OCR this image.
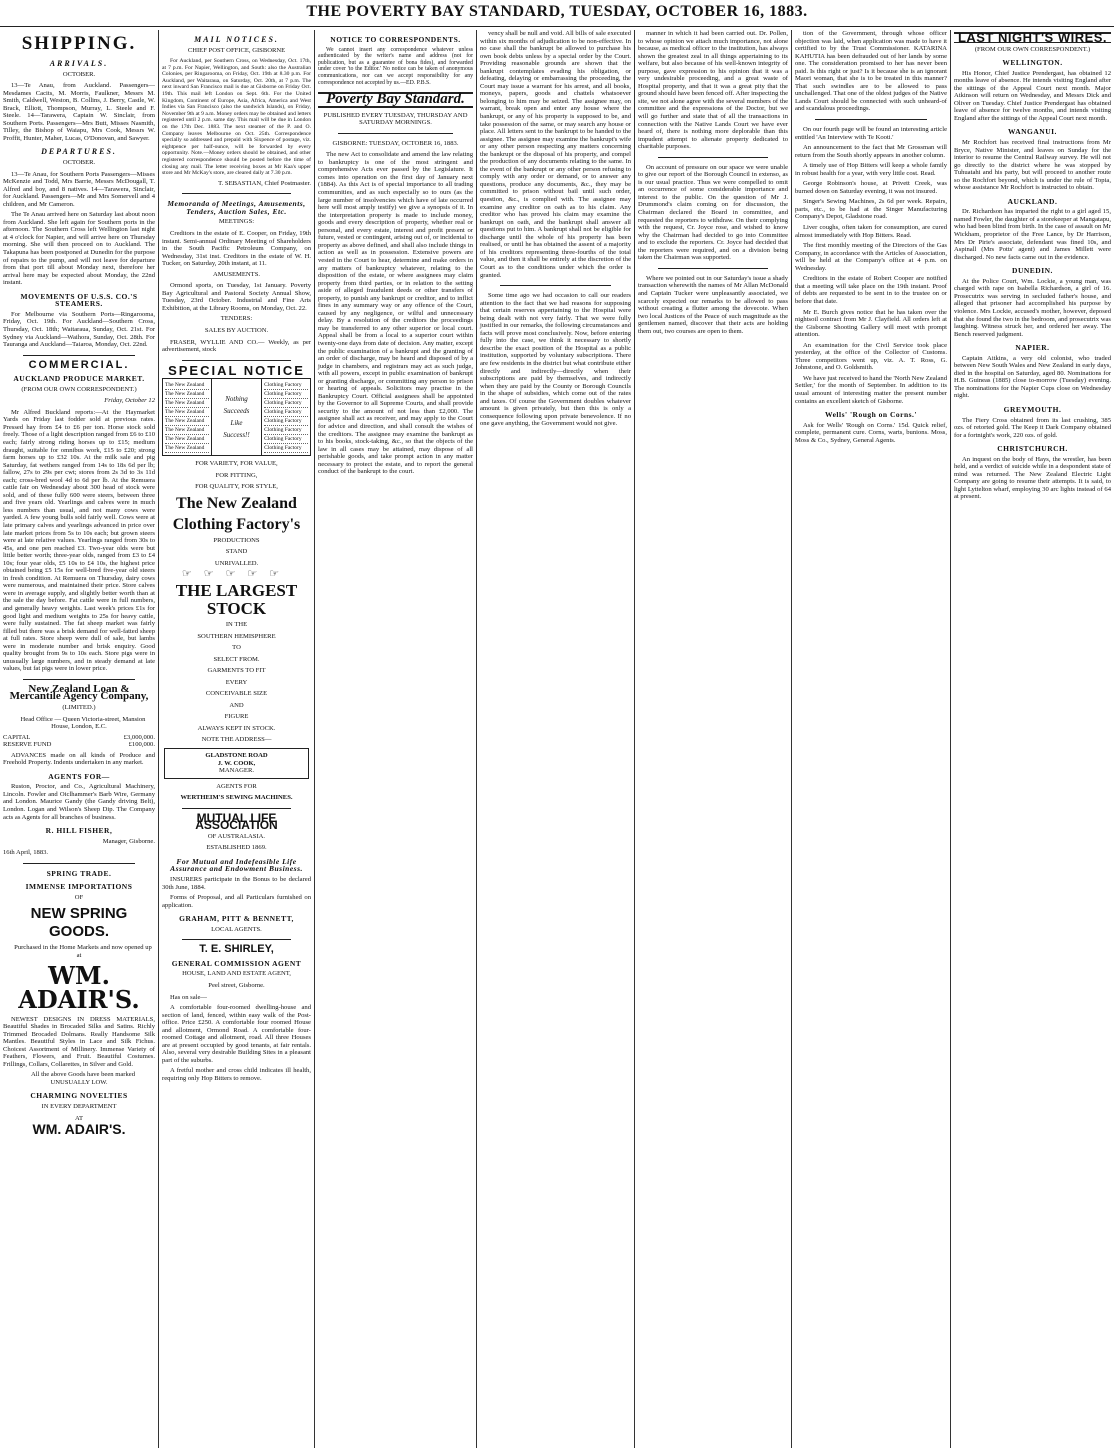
THE POVERTY BAY STANDARD, TUESDAY, OCTOBER 16, 1883.
SHIPPING.
ARRIVALS.
OCTOBER.
13—Te Anau, from Auckland. Passengers—Mesdames Cacits, M. Morris, Faulkner, Messrs M. Smith, Caldwell, Weston, B. Collins, J. Berry, Castle, W. Brack, Elliott, Thompson, Murray, L. Steele and F. Steele. 14—Tarawera, Captain W. Sinclair, from Southern Ports. Passengers—Mrs Butt, Misses Nasmith, Tilley, the Bishop of Waiapu, Mrs Cook, Messrs W. Proffit, Hunter, Maher, Lucas, O'Donovan, and Sawyer.
DEPARTURES.
OCTOBER.
13—Te Anau, for Southern Ports Passengers—Misses McKenzie and Todd, Mrs Barrie, Messrs McDougall, T. Alfred and boy, and 8 natives. 14—Tarawera, Sinclair, for Auckland. Passengers—Mr and Mrs Somervell and 4 children, and Mr Cameron.
The Te Anau arrived here on Saturday last about noon from Auckland. She left again for Southern ports in the afternoon. The Southern Cross left Wellington last night at 4 o'clock for Napier, and will arrive here on Thursday morning. She will then proceed on to Auckland. The Takapuna has been postponed at Dunedin for the purpose of repairs to the pump, and will not leave for departure from that port till about Monday next, therefore her arrival here may be expected about Monday, the 22nd instant.
MOVEMENTS OF U.S.S. CO.'S STEAMERS.
For Melbourne via Southern Ports—Ringarooma, Friday, Oct. 19th. For Auckland—Southern Cross, Thursday, Oct. 18th; Waitaraua, Sunday, Oct. 21st. For Sydney via Auckland—Waihora, Sunday, Oct. 28th. For Tauranga and Auckland—Taiaroa, Monday, Oct. 22nd.
COMMERCIAL.
AUCKLAND PRODUCE MARKET.
(FROM OUR OWN CORRESPONDENT.)
Friday, October 12
Mr Alfred Buckland reports:—At the Haymarket Yards on Friday last fodder sold at previous rates. Pressed hay from £4 to £6 per ton. Horse stock sold freely. Those of a light description ranged from £6 to £10 each; fairly strong riding horses up to £15; medium draught, suitable for omnibus work, £15 to £20; strong farm horses up to £32 10s. At the milk sale and pig Saturday, fat wethers ranged from 14s to 18s 6d per lb; fallow, 27s to 29s per cwt; stores from 2s 3d to 3s 11d each; cross-bred wool 4d to 6d per lb. At the Remuera cattle fair on Wednesday about 300 head of stock were sold, and of these fully 600 were steers, between three and five years old. Yearlings and calves were in much less numbers than usual, and not many cows were yarded. A few young bulls sold fairly well. Cows were at late primary calves and yearlings advanced in price over late market prices from 5s to 10s each; but grown steers were at late relative values. Yearlings ranged from 30s to 45s, and one pen reached £3. Two-year olds were but little better worth; three-year olds, ranged from £3 to £4 10s; four year olds, £5 10s to £4 10s, the highest price obtained being £5 15s for well-bred five-year old steers in fresh condition. At Remuera on Thursday, dairy cows were numerous, and maintained their price. Store calves were in average supply, and slightly better worth than at the sale the day before. Fat cattle were in full numbers, and generally heavy weights. Last week's prices £1s for good light and medium weights to 25s for heavy cattle, were fully sustained. The fat sheep market was fairly filled but there was a brisk demand for well-fatted sheep at full rates. Store sheep were dull of sale, but lambs were in moderate number and brisk enquiry. Good quality brought from 9s to 10s each. Store pigs were in unusually large numbers, and in steady demand at late values, but fat pigs were in lower price.
New Zealand Loan & Mercantile Agency Company,
(LIMITED.)
Head Office — Queen Victoria-street, Mansion House, London, E.C.
CAPITAL	£3,000,000.
RESERVE FUND	£100,000.
ADVANCES made on all kinds of Produce and Freehold Property. Indents undertaken in any market.
AGENTS FOR—
Ruston, Proctor, and Co., Agricultural Machinery, Lincoln. Fowler and Oiclhammer's Barb Wire, Germany and London. Maurice Gandy (the Gandy driving Belt), London. Logan and Wilson's Sheep Dip. The Company acts as Agents for all branches of business.
R. HILL FISHER,
Manager, Gisborne.
16th April, 1883.
SPRING TRADE.
IMMENSE IMPORTATIONS
OF
NEW SPRING GOODS.
Purchased in the Home Markets and now opened up at
WM. ADAIR'S.
NEWEST DESIGNS IN DRESS MATERIALS, Beautiful Shades in Brocaded Silks and Satins. Richly Trimmed Brocaded Dolmans. Really Handsome Silk Mantles. Beautiful Styles in Lace and Silk Fichus. Choicest Assortment of Millinery. Immense Variety of Feathers, Flowers, and Fruit. Beautiful Costumes. Frillings, Collars, Collarettes, in Silver and Gold.
All the above Goods have been marked UNUSUALLY LOW.
CHARMING NOVELTIES
IN EVERY DEPARTMENT
AT
WM. ADAIR'S.
MAIL NOTICES.
CHIEF POST OFFICE, GISBORNE
For Auckland, per Southern Cross, on Wednesday, Oct. 17th, at 7 p.m. For Napier, Wellington, and South: also the Australian Colonies, per Ringarooma, on Friday, Oct. 19th at 8.30 p.m. For Auckland, per Waitaraua, on Saturday, Oct. 20th, at 7 p.m. The next inward San Francisco mail is due at Gisborne on Friday Oct. 19th. This mail left London on Sept. 6th. For the United Kingdom, Continent of Europe, Asia, Africa, America and West Indies via San Francisco (also the sandwich Islands), on Friday, November 9th at 9 a.m. Money orders may be obtained and letters registered until 2 p.m. same day. This mail will be due in London on the 17th Dec. 1883. The next steamer of the P. and O. Company leaves Melbourne on Oct. 25th. Correspondence specially so addressed and prepaid with Sixpence of postage, viz. eightpence per half-ounce, will be forwarded by every opportunity. Note.—Money orders should be obtained, and other registered correspondence should be posted before the time of closing any mail. The letter receiving boxes at Mr Kaa's upper store and Mr McKay's store, are cleared daily at 7.30 p.m.
T. SEBASTIAN, Chief Postmaster.
Memoranda of Meetings, Amusements, Tenders, Auction Sales, Etc.
MEETINGS:
Creditors in the estate of E. Cooper, on Friday, 19th instant. Semi-annual Ordinary Meeting of Shareholders in the South Pacific Petroleum Company, on Wednesday, 31st inst. Creditors in the estate of W. H. Tucker, on Saturday, 20th instant, at 11.
AMUSEMENTS.
Ormond sports, on Tuesday, 1st January. Poverty Bay Agricultural and Pastoral Society Annual Show, Tuesday, 23rd October. Industrial and Fine Arts Exhibition, at the Library Rooms, on Monday, Oct. 22.
TENDERS:
SALES BY AUCTION.
FRASER, WYLLIE AND CO.— Weekly, as per advertisement, stock
SPECIAL NOTICE
The New Zealand
The New Zealand
The New Zealand
The New Zealand
The New Zealand
The New Zealand
The New Zealand
The New Zealand
Nothing
Succeeds
Like
Success!!
Clothing Factory
Clothing Factory
Clothing Factory
Clothing Factory
Clothing Factory
Clothing Factory
Clothing Factory
Clothing Factory
FOR VARIETY, FOR VALUE,
FOR FITTING,
FOR QUALITY, FOR STYLE,
The New Zealand
Clothing Factory's
PRODUCTIONS
STAND
UNRIVALLED.
☞☞☞☞☞
THE LARGEST STOCK
IN THE
SOUTHERN HEMISPHERE
TO
SELECT FROM.
GARMENTS TO FIT
EVERY
CONCEIVABLE SIZE
AND
FIGURE
ALWAYS KEPT IN STOCK.
NOTE THE ADDRESS—
GLADSTONE ROAD
J. W. COOK,
MANAGER.
AGENTS FOR
WERTHEIM'S SEWING MACHINES.
MUTUAL LIFE ASSOCIATION
OF AUSTRALASIA.
ESTABLISHED 1869.
For Mutual and Indefeasible Life Assurance and Endowment Business.
INSURERS participate in the Bonus to be declared 30th June, 1884.
Forms of Proposal, and all Particulars furnished on application.
GRAHAM, PITT & BENNETT,
LOCAL AGENTS.
T. E. SHIRLEY,
GENERAL COMMISSION AGENT
HOUSE, LAND AND ESTATE AGENT,
Peel street, Gisborne.
Has on sale—
A comfortable four-roomed dwelling-house and section of land, fenced, within easy walk of the Post-office. Price £250. A comfortable four roomed House and allotment, Ormond Road. A comfortable four-roomed Cottage and allotment, road. All three Houses are at present occupied by good tenants, at fair rentals. Also, several very desirable Building Sites in a pleasant part of the suburbs.
A fretful mother and cross child indicates ill health, requiring only Hop Bitters to remove.
NOTICE TO CORRESPONDENTS.
We cannot insert any correspondence whatever unless authenticated by the writer's name and address (not for publication, but as a guarantee of bona fides), and forwarded under cover 'to the Editor.' No notice can be taken of anonymous communications, nor can we accept responsibility for any correspondence not accepted by us.—ED. P.B.S.
Poverty Bay Standard.
PUBLISHED EVERY TUESDAY, THURSDAY AND SATURDAY MORNINGS.
GISBORNE: TUESDAY, OCTOBER 16, 1883.
The new Act to consolidate and amend the law relating to bankruptcy is one of the most stringent and comprehensive Acts ever passed by the Legislature. It comes into operation on the first day of January next (1884). As this Act is of special importance to all trading communities, and as such especially so to ours (as the large number of insolvencies which have of late occurred here will most amply testify) we give a synopsis of it. In the interpretation property is made to include money, goods and every description of property, whether real or personal, and every estate, interest and profit present or future, vested or contingent, arising out of, or incidental to property as above defined, and shall also include things in action as well as in possession. Extensive powers are vested in the Court to hear, determine and make orders in any matters of bankruptcy whatever, relating to the disposition of the estate, or where assignees may claim property from third parties, or in relation to the setting aside of alleged fraudulent deeds or other transfers of property, to punish any bankrupt or creditor, and to inflict fines in any summary way or any offence of the Court, caused by any negligence, or wilful and unnecessary delay. By a resolution of the creditors the proceedings may be transferred to any other superior or local court. Appeal shall be from a local to a superior court within twenty-one days from date of decision. Any matter, except the public examination of a bankrupt and the granting of an order of discharge, may be heard and disposed of by a judge in chambers, and registrars may act as such judge, with all powers, except in public examination of bankrupt or granting discharge, or committing any person to prison or hearing of appeals. Solicitors may practise in the Bankruptcy Court. Official assignees shall be appointed by the Governor to all Supreme Courts, and shall provide security to the amount of not less than £2,000. The assignee shall act as receiver, and may apply to the Court for advice and direction, and shall consult the wishes of the creditors. The assignee may examine the bankrupt as to his books, stock-taking, &c., so that the objects of the law in all cases may be attained, may dispose of all perishable goods, and take prompt action in any matter necessary to protect the estate, and to report the general conduct of the bankrupt to the court.
vency shall be null and void. All bills of sale executed within six months of adjudication to be non-effective. In no case shall the bankrupt be allowed to purchase his own book debts unless by a special order by the Court. Providing reasonable grounds are shown that the bankrupt contemplates evading his obligation, or defeating, delaying or embarrassing the proceeding, the Court may issue a warrant for his arrest, and all books, moneys, papers, goods and chattels whatsoever belonging to him may be seized. The assignee may, on warrant, break open and enter any house where the bankrupt, or any of his property is supposed to be, and take possession of the same, or may search any house or place. All letters sent to the bankrupt to be handed to the assignee. The assignee may examine the bankrupt's wife or any other person respecting any matters concerning the bankrupt or the disposal of his property, and compel the production of any documents relating to the same. In the event of the bankrupt or any other person refusing to comply with any order or demand, or to answer any questions, produce any documents, &c., they may be committed to prison without bail until such order, question, &c., is complied with. The assignee may examine any creditor on oath as to his claim. Any creditor who has proved his claim may examine the bankrupt on oath, and the bankrupt shall answer all questions put to him. A bankrupt shall not be eligible for discharge until the whole of his property has been realised, or until he has obtained the assent of a majority of his creditors representing three-fourths of the total value, and then it shall be entirely at the discretion of the Court as to the conditions under which the order is granted.
Some time ago we had occasion to call our readers attention to the fact that we had reasons for supposing that certain reserves appertaining to the Hospital were being dealt with not very fairly. That we were fully justified in our remarks, the following circumstances and facts will prove most conclusively. Now, before entering fully into the case, we think it necessary to shortly describe the exact position of the Hospital as a public institution, supported by voluntary subscriptions. There are few residents in the district but what contribute either directly and indirectly—directly when their subscriptions are paid by themselves, and indirectly when they are paid by the County or Borough Councils in the shape of subsidies, which come out of the rates and taxes. Of course the Government doubles whatever amount is given privately, but then this is only a consequence following upon private benevolence. If no one gave anything, the Government would not give.
manner in which it had been carried out. Dr. Pollen, to whose opinion we attach much importance, not alone because, as medical officer to the institution, has always shown the greatest zeal in all things appertaining to its welfare, but also because of his well-known integrity of purpose, gave expression to his opinion that it was a very undesirable proceeding, and a great waste of Hospital property, and that it was a great pity that the ground should have been fenced off. After inspecting the site, we not alone agree with the several members of the committee and the expressions of the Doctor, but we will go further and state that of all the transactions in connection with the Native Lands Court we have ever heard of, there is nothing more deplorable than this impudent attempt to alienate property dedicated to charitable purposes.
On account of pressure on our space we were unable to give our report of the Borough Council in extenso, as is our usual practice. Thus we were compelled to omit an occurrence of some considerable importance and interest to the public. On the question of Mr J. Drummond's claim coming on for discussion, the Chairman declared the Board in committee, and requested the reporters to withdraw. On their complying with the request, Cr. Joyce rose, and wished to know why the Chairman had decided to go into Committee and to exclude the reporters. Cr. Joyce had decided that the reporters were required, and on a division being taken the Chairman was supported.
Where we pointed out in our Saturday's issue a shady transaction wherewith the names of Mr Allan McDonald and Captain Tucker were unpleasantly associated, we scarcely expected our remarks to be allowed to pass without creating a flutter among the dovecote. When two local Justices of the Peace of such magnitude as the gentlemen named, discover that their acts are holding them out, two courses are open to them.
tion of the Government, through whose officer objection was laid, when application was made to have it certified to by the Trust Commissioner. KATARINA KAHUTIA has been defrauded out of her lands by some one. The consideration promised to her has never been paid. Is this right or just? Is it because she is an ignorant Maori woman, that she is to be treated in this manner? That such swindles are to be allowed to pass unchallenged. That one of the oldest judges of the Native Lands Court should be connected with such unheard-of and scandalous proceedings.
On our fourth page will be found an interesting article entitled 'An Interview with Te Kooti.'
An announcement to the fact that Mr Grossman will return from the South shortly appears in another column.
A timely use of Hop Bitters will keep a whole family in robust health for a year, with very little cost. Read.
George Robinson's house, at Privett Creek, was burned down on Saturday evening, it was not insured.
Singer's Sewing Machines, 2s 6d per week. Repairs, parts, etc., to be had at the Singer Manufacturing Company's Depot, Gladstone road.
Liver coughs, often taken for consumption, are cured almost immediately with Hop Bitters. Read.
The first monthly meeting of the Directors of the Gas Company, in accordance with the Articles of Association, will be held at the Company's office at 4 p.m. on Wednesday.
Creditors in the estate of Robert Cooper are notified that a meeting will take place on the 19th instant. Proof of debts are requested to be sent in to the trustee on or before that date.
Mr E. Burch gives notice that he has taken over the nightsoil contract from Mr J. Clayfield. All orders left at the Gisborne Shooting Gallery will meet with prompt attention.
An examination for the Civil Service took place yesterday, at the office of the Collector of Customs. Three competitors went up, viz. A. T. Ross, G. Johnstone, and O. Goldsmith.
We have just received to hand the 'North New Zealand Settler,' for the month of September. In addition to its usual amount of interesting matter the present number contains an excellent sketch of Gisborne.
Wells' 'Rough on Corns.'
Ask for Wells' 'Rough on Corns.' 15d. Quick relief, complete, permanent cure. Corns, warts, bunions. Moss, Moss & Co., Sydney, General Agents.
LAST NIGHT'S WIRES.
(FROM OUR OWN CORRESPONDENT.)
WELLINGTON.
His Honor, Chief Justice Prendergast, has obtained 12 months leave of absence. He intends visiting England after the sittings of the Appeal Court next month. Major Atkinson will return on Wednesday, and Messrs Dick and Oliver on Tuesday. Chief Justice Prendergast has obtained leave of absence for twelve months, and intends visiting England after the sittings of the Appeal Court next month.
WANGANUI.
Mr Rochfort has received final instructions from Mr Bryce, Native Minister, and leaves on Sunday for the interior to resume the Central Railway survey. He will not go directly to the district where he was stopped by Tuhuatahi and his party, but will proceed to another route so the Rochfort beyond, which is under the rule of Topia, whose assistance Mr Rochfort is instructed to obtain.
AUCKLAND.
Dr. Richardson has imparted the right to a girl aged 15, named Fowler, the daughter of a storekeeper at Mangatapu, who had been blind from birth. In the case of assault on Mr Wickham, proprietor of the Free Lance, by Dr Harrison, Mrs Dr Pirie's associate, defendant was fined 10s, and Aspinall (Mrs Potts' agent) and James Millett were discharged. No new facts came out in the evidence.
DUNEDIN.
At the Police Court, Wm. Lockie, a young man, was charged with rape on Isabella Richardson, a girl of 16. Prosecutrix was serving in secluded father's house, and alleged that prisoner had accomplished his purpose by violence. Mrs Lockie, accused's mother, however, deposed that she found the two in the bedroom, and prosecutrix was laughing. Witness struck her, and ordered her away. The Bench reserved judgment.
NAPIER.
Captain Aitkins, a very old colonist, who traded between New South Wales and New Zealand in early days, died in the hospital on Saturday, aged 80. Nominations for H.B. Guineas (1885) close to-morrow (Tuesday) evening. The nominations for the Napier Cups close on Wednesday night.
GREYMOUTH.
The Fiery Cross obtained from its last crushing, 385 ozs. of retorted gold. The Keep it Dark Company obtained for a fortnight's work, 220 ozs. of gold.
CHRISTCHURCH.
An inquest on the body of Hays, the wrestler, has been held, and a verdict of suicide while in a despondent state of mind was returned. The New Zealand Electric Light Company are going to resume their attempts. It is said, to light Lyttelton wharf, employing 30 arc lights instead of 64 at present.
